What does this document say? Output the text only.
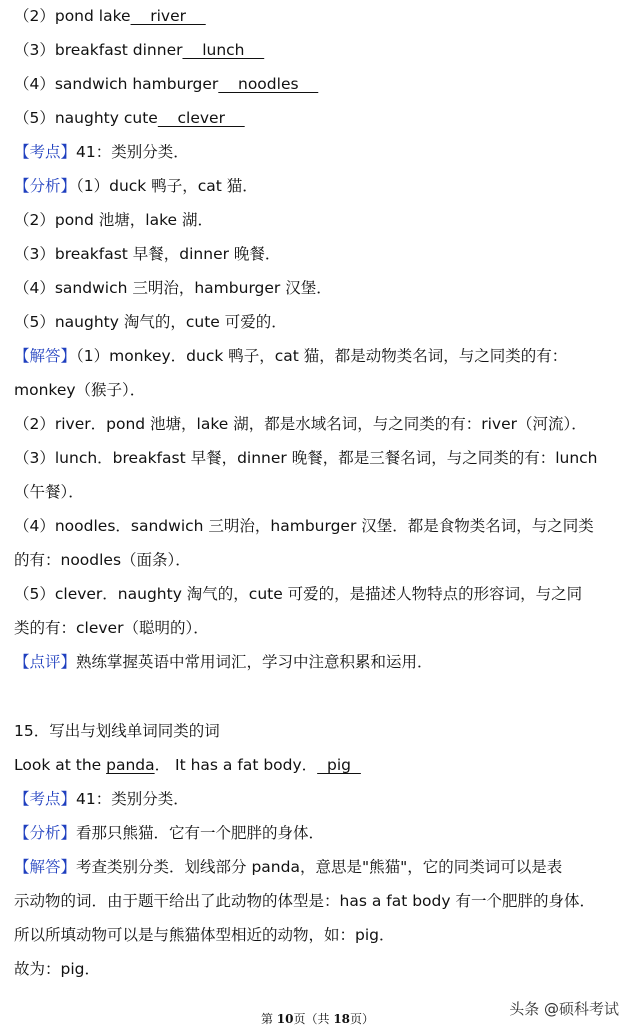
（2）pond lake    river
（3）breakfast dinner    lunch
（4）sandwich hamburger    noodles
（5）naughty cute    clever
【考点】41：类别分类．
【分析】（1）duck 鸭子，cat 猫．
（2）pond 池塘，lake 湖．
（3）breakfast 早餐，dinner 晚餐．
（4）sandwich 三明治，hamburger 汉堡．
（5）naughty 淘气的，cute 可爱的．
【解答】（1）monkey．duck 鸭子，cat 猫，都是动物类名词，与之同类的有：
monkey（猴子）．
（2）river．pond 池塘，lake 湖，都是水域名词，与之同类的有：river（河流）．
（3）lunch．breakfast 早餐，dinner 晚餐，都是三餐名词，与之同类的有：lunch
（午餐）．
（4）noodles．sandwich 三明治，hamburger 汉堡．都是食物类名词，与之同类
的有：noodles（面条）．
（5）clever．naughty 淘气的，cute 可爱的，是描述人物特点的形容词，与之同
类的有：clever（聪明的）．
【点评】熟练掌握英语中常用词汇，学习中注意积累和运用．
15．写出与划线单词同类的词
Look at the panda． It has a fat body．  pig
【考点】41：类别分类．
【分析】看那只熊猫．它有一个肥胖的身体．
【解答】考查类别分类．划线部分 panda，意思是"熊猫"，它的同类词可以是表
示动物的词．由于题干给出了此动物的体型是：has a fat body 有一个肥胖的身体．
所以所填动物可以是与熊猫体型相近的动物，如：pig．
故为：pig．
第 10页（共 18页）
头条 @硕科考试
